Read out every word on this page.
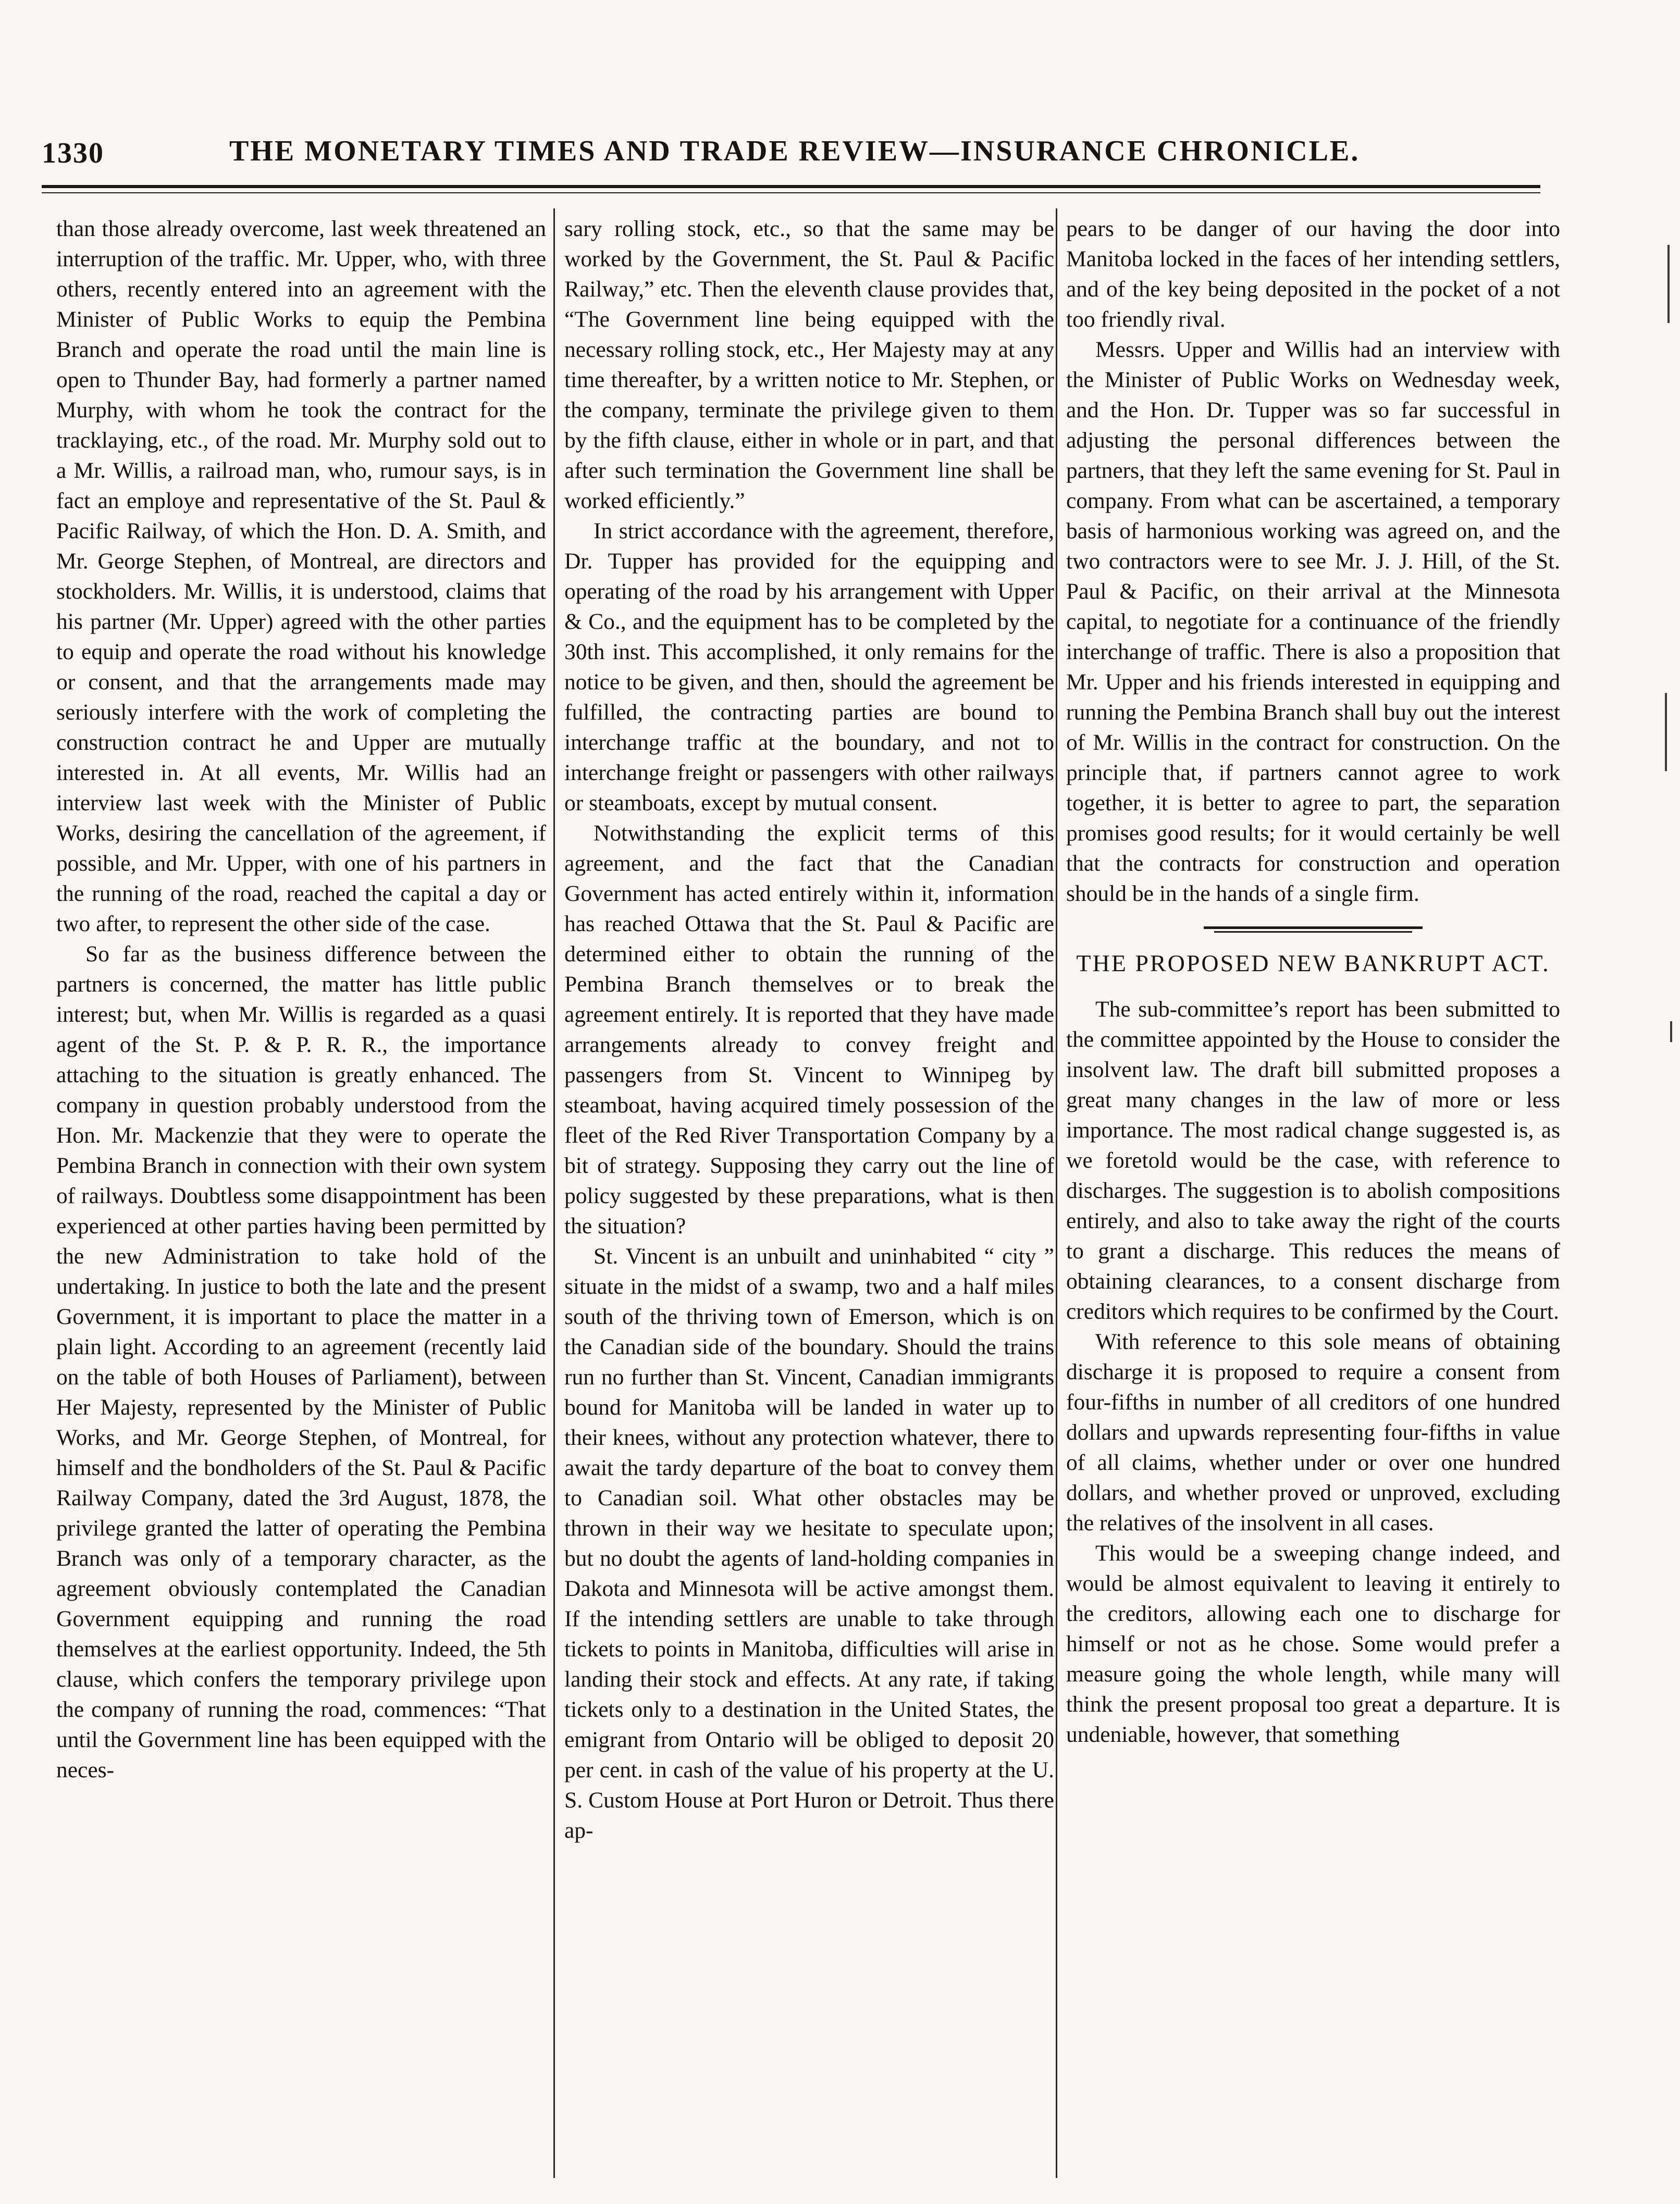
1330	THE MONETARY TIMES AND TRADE REVIEW—INSURANCE CHRONICLE.

than those already overcome, last week threatened an interruption of the traffic. Mr. Upper, who, with three others, recently entered into an agreement with the Minister of Public Works to equip the Pembina Branch and operate the road until the main line is open to Thunder Bay, had formerly a partner named Murphy, with whom he took the contract for the tracklaying, etc., of the road. Mr. Murphy sold out to a Mr. Willis, a railroad man, who, rumour says, is in fact an employe and representative of the St. Paul & Pacific Railway, of which the Hon. D. A. Smith, and Mr. George Stephen, of Montreal, are directors and stockholders. Mr. Willis, it is understood, claims that his partner (Mr. Upper) agreed with the other parties to equip and operate the road without his knowledge or consent, and that the arrangements made may seriously interfere with the work of completing the construction contract he and Upper are mutually interested in. At all events, Mr. Willis had an interview last week with the Minister of Public Works, desiring the cancellation of the agreement, if possible, and Mr. Upper, with one of his partners in the running of the road, reached the capital a day or two after, to represent the other side of the case.

So far as the business difference between the partners is concerned, the matter has little public interest; but, when Mr. Willis is regarded as a quasi agent of the St. P. & P. R. R., the importance attaching to the situation is greatly enhanced. The company in question probably understood from the Hon. Mr. Mackenzie that they were to operate the Pembina Branch in connection with their own system of railways. Doubtless some disappointment has been experienced at other parties having been permitted by the new Administration to take hold of the undertaking. In justice to both the late and the present Government, it is important to place the matter in a plain light. According to an agreement (recently laid on the table of both Houses of Parliament), between Her Majesty, represented by the Minister of Public Works, and Mr. George Stephen, of Montreal, for himself and the bondholders of the St. Paul & Pacific Railway Company, dated the 3rd August, 1878, the privilege granted the latter of operating the Pembina Branch was only of a temporary character, as the agreement obviously contemplated the Canadian Government equipping and running the road themselves at the earliest opportunity. Indeed, the 5th clause, which confers the temporary privilege upon the company of running the road, commences: “That until the Government line has been equipped with the neces-

sary rolling stock, etc., so that the same may be worked by the Government, the St. Paul & Pacific Railway,” etc. Then the eleventh clause provides that, “The Government line being equipped with the necessary rolling stock, etc., Her Majesty may at any time thereafter, by a written notice to Mr. Stephen, or the company, terminate the privilege given to them by the fifth clause, either in whole or in part, and that after such termination the Government line shall be worked efficiently.”

In strict accordance with the agreement, therefore, Dr. Tupper has provided for the equipping and operating of the road by his arrangement with Upper & Co., and the equipment has to be completed by the 30th inst. This accomplished, it only remains for the notice to be given, and then, should the agreement be fulfilled, the contracting parties are bound to interchange traffic at the boundary, and not to interchange freight or passengers with other railways or steamboats, except by mutual consent.

Notwithstanding the explicit terms of this agreement, and the fact that the Canadian Government has acted entirely within it, information has reached Ottawa that the St. Paul & Pacific are determined either to obtain the running of the Pembina Branch themselves or to break the agreement entirely. It is reported that they have made arrangements already to convey freight and passengers from St. Vincent to Winnipeg by steamboat, having acquired timely possession of the fleet of the Red River Transportation Company by a bit of strategy. Supposing they carry out the line of policy suggested by these preparations, what is then the situation?

St. Vincent is an unbuilt and uninhabited “ city ” situate in the midst of a swamp, two and a half miles south of the thriving town of Emerson, which is on the Canadian side of the boundary. Should the trains run no further than St. Vincent, Canadian immigrants bound for Manitoba will be landed in water up to their knees, without any protection whatever, there to await the tardy departure of the boat to convey them to Canadian soil. What other obstacles may be thrown in their way we hesitate to speculate upon; but no doubt the agents of land-holding companies in Dakota and Minnesota will be active amongst them. If the intending settlers are unable to take through tickets to points in Manitoba, difficulties will arise in landing their stock and effects. At any rate, if taking tickets only to a destination in the United States, the emigrant from Ontario will be obliged to deposit 20 per cent. in cash of the value of his property at the U. S. Custom House at Port Huron or Detroit. Thus there ap-

pears to be danger of our having the door into Manitoba locked in the faces of her intending settlers, and of the key being deposited in the pocket of a not too friendly rival.

Messrs. Upper and Willis had an interview with the Minister of Public Works on Wednesday week, and the Hon. Dr. Tupper was so far successful in adjusting the personal differences between the partners, that they left the same evening for St. Paul in company. From what can be ascertained, a temporary basis of harmonious working was agreed on, and the two contractors were to see Mr. J. J. Hill, of the St. Paul & Pacific, on their arrival at the Minnesota capital, to negotiate for a continuance of the friendly interchange of traffic. There is also a proposition that Mr. Upper and his friends interested in equipping and running the Pembina Branch shall buy out the interest of Mr. Willis in the contract for construction. On the principle that, if partners cannot agree to work together, it is better to agree to part, the separation promises good results; for it would certainly be well that the contracts for construction and operation should be in the hands of a single firm.

THE PROPOSED NEW BANKRUPT ACT.

The sub-committee’s report has been submitted to the committee appointed by the House to consider the insolvent law. The draft bill submitted proposes a great many changes in the law of more or less importance. The most radical change suggested is, as we foretold would be the case, with reference to discharges. The suggestion is to abolish compositions entirely, and also to take away the right of the courts to grant a discharge. This reduces the means of obtaining clearances, to a consent discharge from creditors which requires to be confirmed by the Court.

With reference to this sole means of obtaining discharge it is proposed to require a consent from four-fifths in number of all creditors of one hundred dollars and upwards representing four-fifths in value of all claims, whether under or over one hundred dollars, and whether proved or unproved, excluding the relatives of the insolvent in all cases.

This would be a sweeping change indeed, and would be almost equivalent to leaving it entirely to the creditors, allowing each one to discharge for himself or not as he chose. Some would prefer a measure going the whole length, while many will think the present proposal too great a departure. It is undeniable, however, that something
